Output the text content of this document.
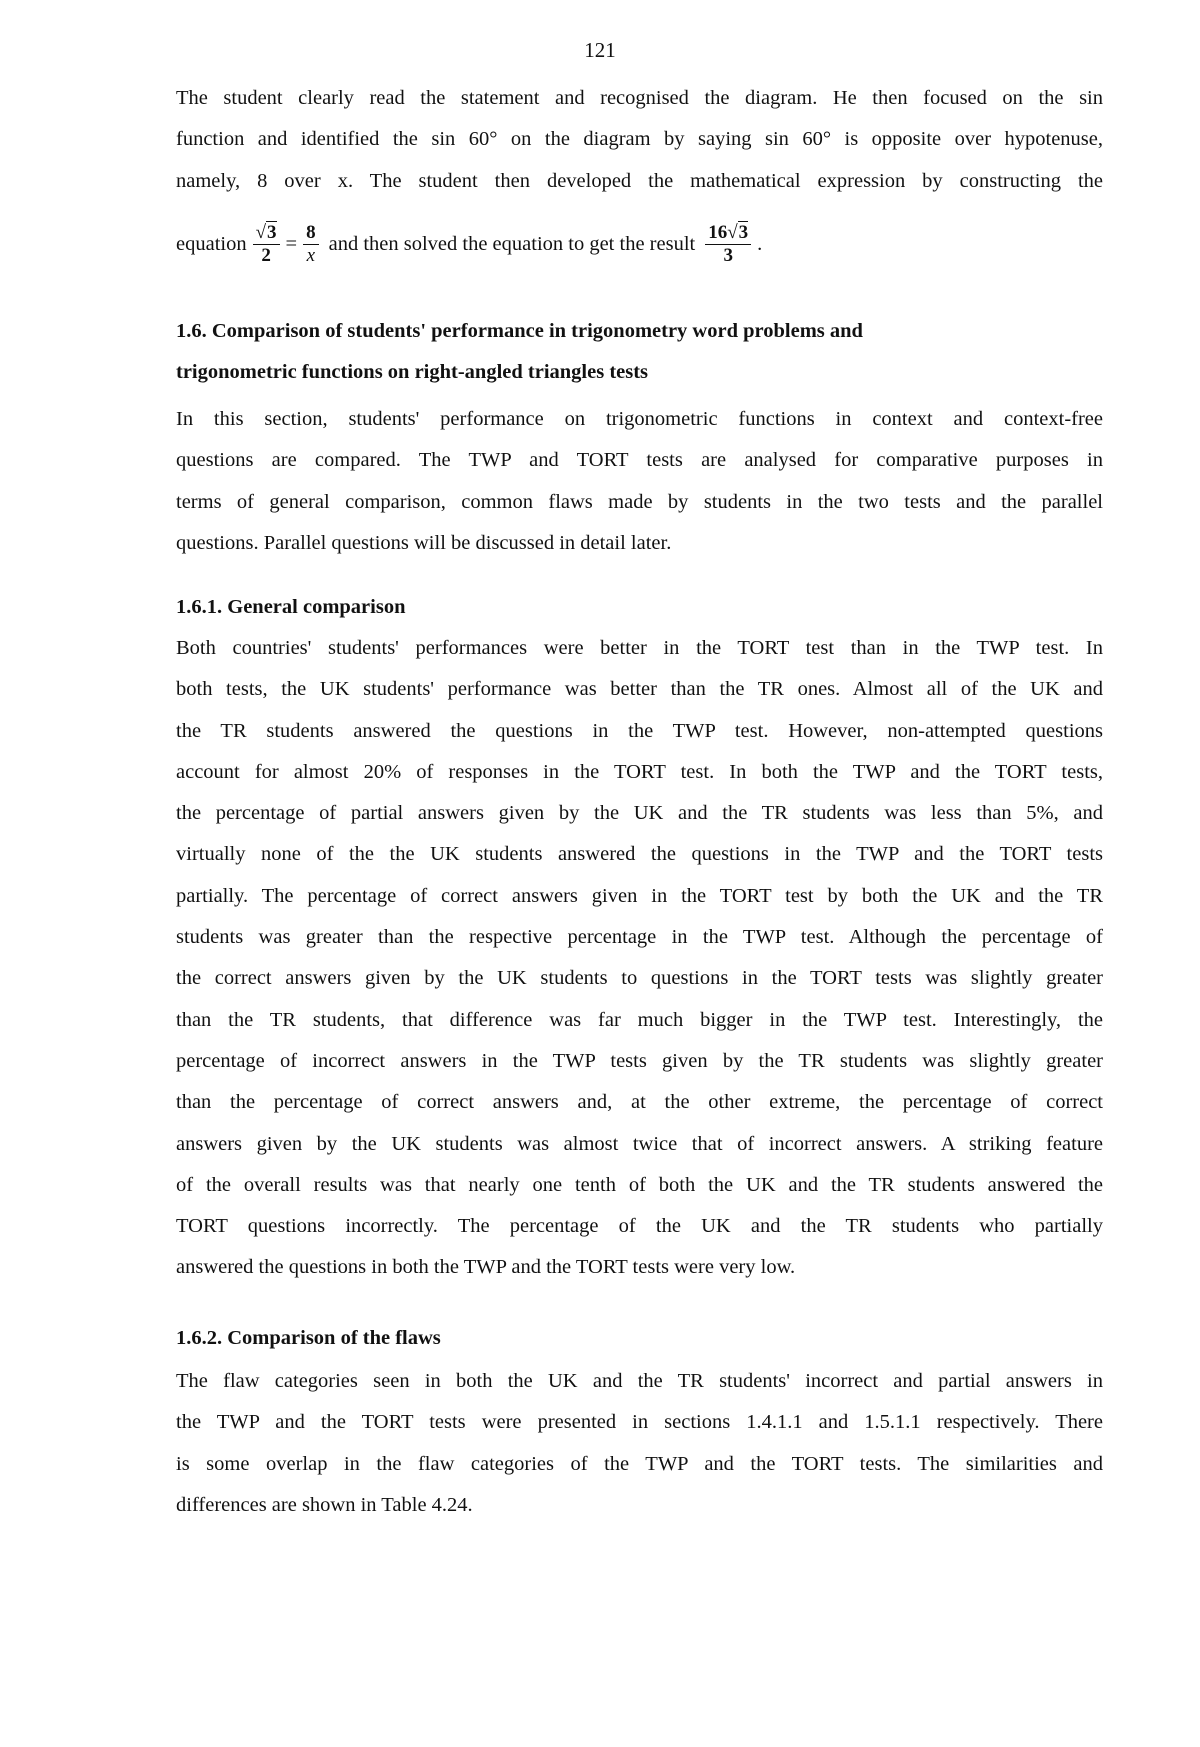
121
The student clearly read the statement and recognised the diagram. He then focused on the sin
function and identified the sin 60° on the diagram by saying sin 60° is opposite over hypotenuse,
namely, 8 over x. The student then developed the mathematical expression by constructing the
equation $\frac{√3}{2} = \frac{8}{x}$ and then solved the equation to get the result $\frac{16√3}{3}$ .
1.6. Comparison of students' performance in trigonometry word problems and
trigonometric functions on right-angled triangles tests
In this section, students' performance on trigonometric functions in context and context-free
questions are compared. The TWP and TORT tests are analysed for comparative purposes in
terms of general comparison, common flaws made by students in the two tests and the parallel
questions. Parallel questions will be discussed in detail later.
1.6.1. General comparison
Both countries' students' performances were better in the TORT test than in the TWP test. In
both tests, the UK students' performance was better than the TR ones. Almost all of the UK and
the TR students answered the questions in the TWP test. However, non-attempted questions
account for almost 20% of responses in the TORT test. In both the TWP and the TORT tests,
the percentage of partial answers given by the UK and the TR students was less than 5%, and
virtually none of the the UK students answered the questions in the TWP and the TORT tests
partially. The percentage of correct answers given in the TORT test by both the UK and the TR
students was greater than the respective percentage in the TWP test. Although the percentage of
the correct answers given by the UK students to questions in the TORT tests was slightly greater
than the TR students, that difference was far much bigger in the TWP test. Interestingly, the
percentage of incorrect answers in the TWP tests given by the TR students was slightly greater
than the percentage of correct answers and, at the other extreme, the percentage of correct
answers given by the UK students was almost twice that of incorrect answers. A striking feature
of the overall results was that nearly one tenth of both the UK and the TR students answered the
TORT questions incorrectly. The percentage of the UK and the TR students who partially
answered the questions in both the TWP and the TORT tests were very low.
1.6.2. Comparison of the flaws
The flaw categories seen in both the UK and the TR students' incorrect and partial answers in
the TWP and the TORT tests were presented in sections 1.4.1.1 and 1.5.1.1 respectively. There
is some overlap in the flaw categories of the TWP and the TORT tests. The similarities and
differences are shown in Table 4.24.
